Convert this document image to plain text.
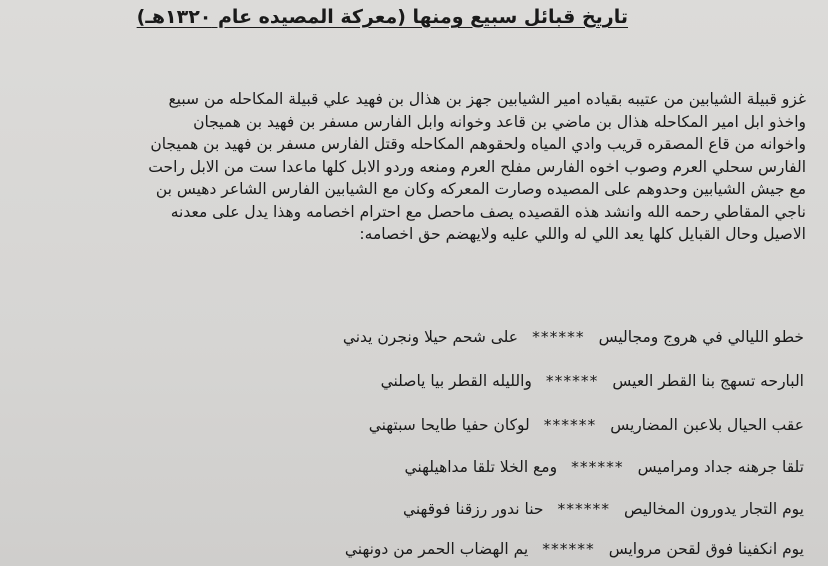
تاريخ قبائل سبيع ومنها (معركة المصيده عام ١٣٢٠هـ)
غزو قبيلة الشيابين من عتيبه بقياده امير الشيابين جهز بن هذال بن فهيد علي قبيلة المكاحله من سبيع
واخذو ابل امير المكاحله هذال بن ماضي بن قاعد وخوانه وابل الفارس مسفر بن فهيد بن هميجان
واخوانه من قاع المصقره قريب وادي المياه ولحقوهم المكاحله وقتل الفارس مسفر بن فهيد بن هميجان
الفارس سحلي العرم وصوب اخوه الفارس مفلح العرم ومنعه وردو الابل كلها ماعدا ست من الابل راحت
مع جيش الشيابين وحدوهم على المصيده وصارت المعركه وكان مع الشيابين الفارس الشاعر دهيس بن
ناجي المقاطي رحمه الله وانشد هذه القصيده يصف ماحصل مع احترام اخصامه وهذا يدل على معدنه
الاصيل وحال القبايل كلها يعد اللي له واللي عليه ولايهضم حق اخصامه:
خطو الليالي في هروج ومجاليس
******
على شحم حيلا ونجرن يدني
البارحه تسهج بنا القطر العيس
******
والليله القطر بيا ياصلني
عقب الحيال بلاعبن المضاريس
******
لوكان حفيا طايحا سبتهني
تلقا جرهنه جداد ومراميس
******
ومع الخلا تلقا مداهيلهني
يوم التجار يدورون المخاليص
******
حنا ندور رزقنا فوقهني
يوم انكفينا فوق لقحن مروايس
******
يم الهضاب الحمر من دونهني
